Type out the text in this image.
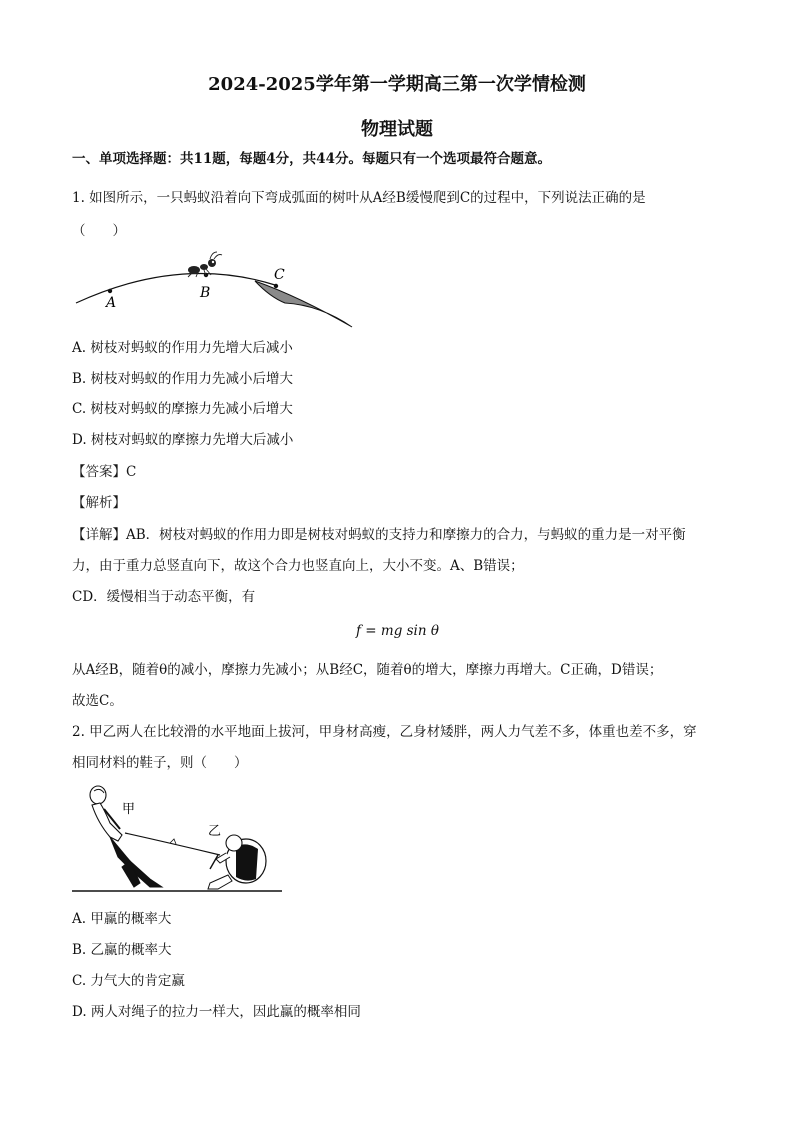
2024-2025学年第一学期高三第一次学情检测
物理试题
一、单项选择题：共11题，每题4分，共44分。每题只有一个选项最符合题意。
1. 如图所示，一只蚂蚁沿着向下弯成弧面的树叶从A经B缓慢爬到C的过程中，下列说法正确的是
（　　）
A
B
C
A. 树枝对蚂蚁的作用力先增大后减小
B. 树枝对蚂蚁的作用力先减小后增大
C. 树枝对蚂蚁的摩擦力先减小后增大
D. 树枝对蚂蚁的摩擦力先增大后减小
【答案】C
【解析】
【详解】AB．树枝对蚂蚁的作用力即是树枝对蚂蚁的支持力和摩擦力的合力，与蚂蚁的重力是一对平衡
力，由于重力总竖直向下，故这个合力也竖直向上，大小不变。A、B错误；
CD．缓慢相当于动态平衡，有
f = mg sin θ
从A经B，随着θ的减小，摩擦力先减小；从B经C，随着θ的增大，摩擦力再增大。C正确，D错误；
故选C。
2. 甲乙两人在比较滑的水平地面上拔河，甲身材高瘦，乙身材矮胖，两人力气差不多，体重也差不多，穿
相同材料的鞋子，则（　　）
甲
乙
A. 甲赢的概率大
B. 乙赢的概率大
C. 力气大的肯定赢
D. 两人对绳子的拉力一样大，因此赢的概率相同
